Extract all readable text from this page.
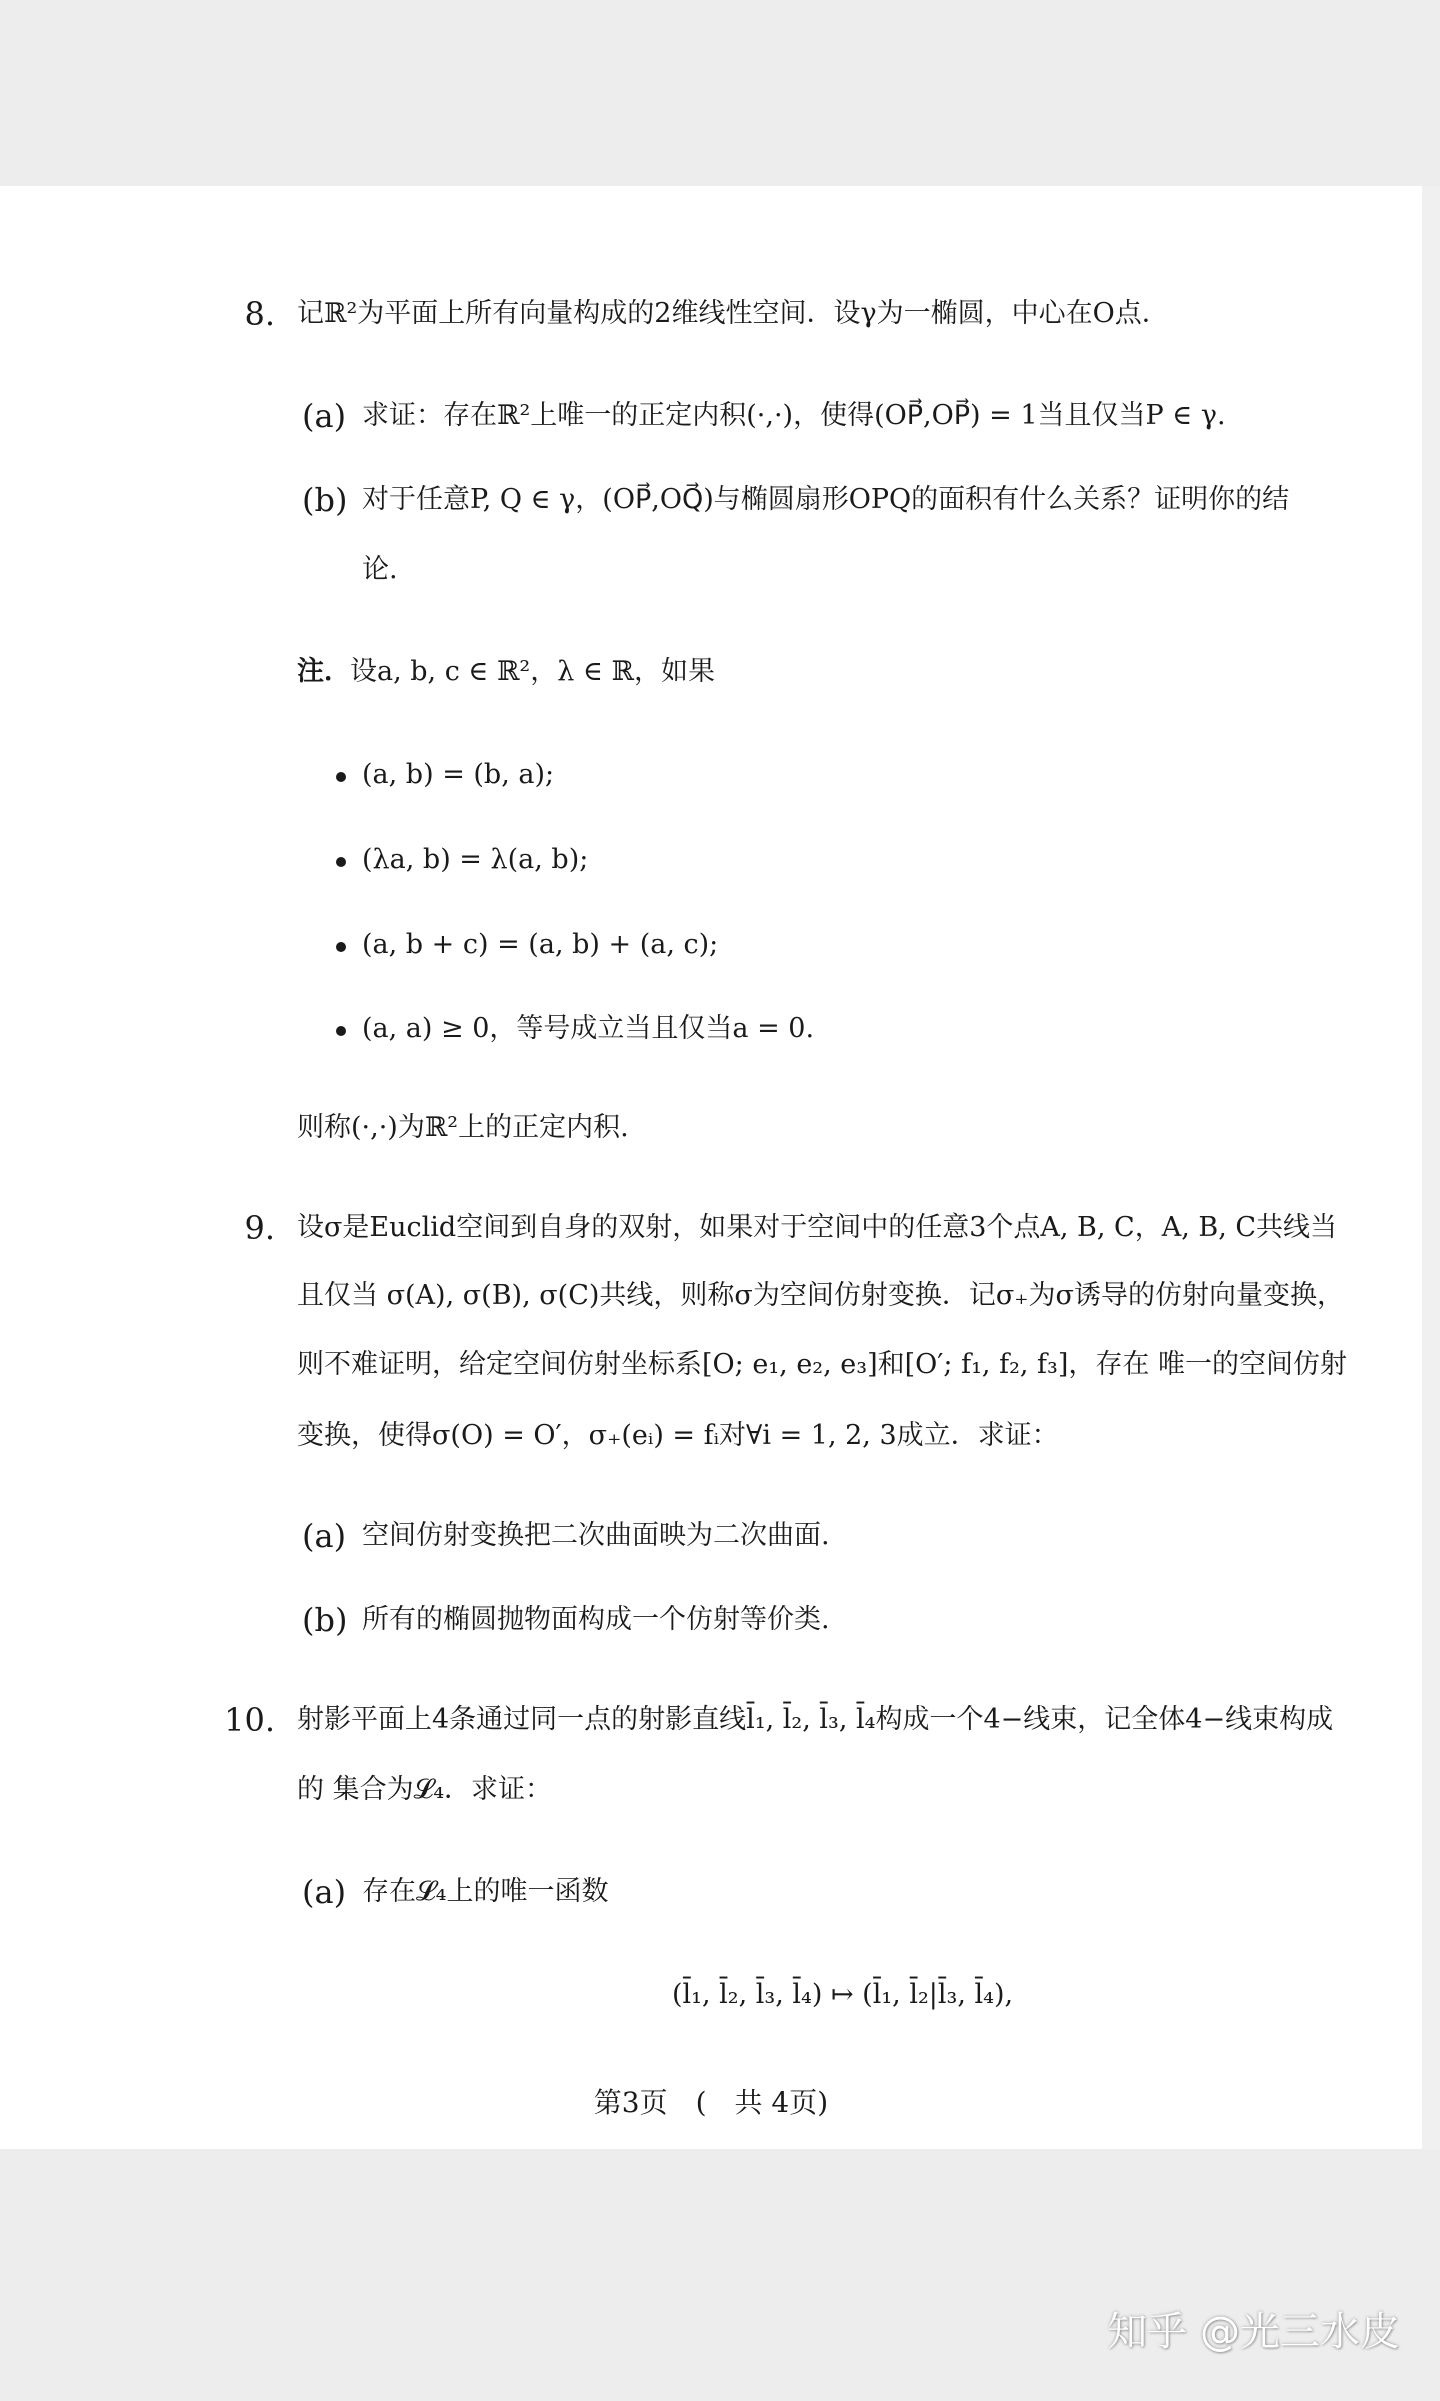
8. 记ℝ²为平面上所有向量构成的2维线性空间．设γ为一椭圆，中心在O点．
(a) 求证：存在ℝ²上唯一的正定内积(·,·)，使得(OP⃗,OP⃗) = 1当且仅当P ∈ γ.
(b) 对于任意P, Q ∈ γ，(OP⃗,OQ⃗)与椭圆扇形OPQ的面积有什么关系？证明你的结
论.
注． 设a, b, c ∈ ℝ²，λ ∈ ℝ，如果
(a, b) = (b, a);
(λa, b) = λ(a, b);
(a, b + c) = (a, b) + (a, c);
(a, a) ≥ 0，等号成立当且仅当a = 0.
则称(·,·)为ℝ²上的正定内积.
9. 设σ是Euclid空间到自身的双射，如果对于空间中的任意3个点A, B, C，A, B, C共线当
且仅当 σ(A), σ(B), σ(C)共线，则称σ为空间仿射变换．记σ₊为σ诱导的仿射向量变换，
则不难证明，给定空间仿射坐标系[O; e₁, e₂, e₃]和[O′; f₁, f₂, f₃]，存在 唯一的空间仿射
变换，使得σ(O) = O′，σ₊(eᵢ) = fᵢ对∀i = 1, 2, 3成立．求证：
(a) 空间仿射变换把二次曲面映为二次曲面.
(b) 所有的椭圆抛物面构成一个仿射等价类.
10. 射影平面上4条通过同一点的射影直线l̄₁, l̄₂, l̄₃, l̄₄构成一个4−线束，记全体4−线束构成
的 集合为𝓛₄．求证：
(a) 存在𝓛₄上的唯一函数
(l̄₁, l̄₂, l̄₃, l̄₄) ↦ (l̄₁, l̄₂|l̄₃, l̄₄),
第3页　(　共 4页)
知乎 @光三水皮
